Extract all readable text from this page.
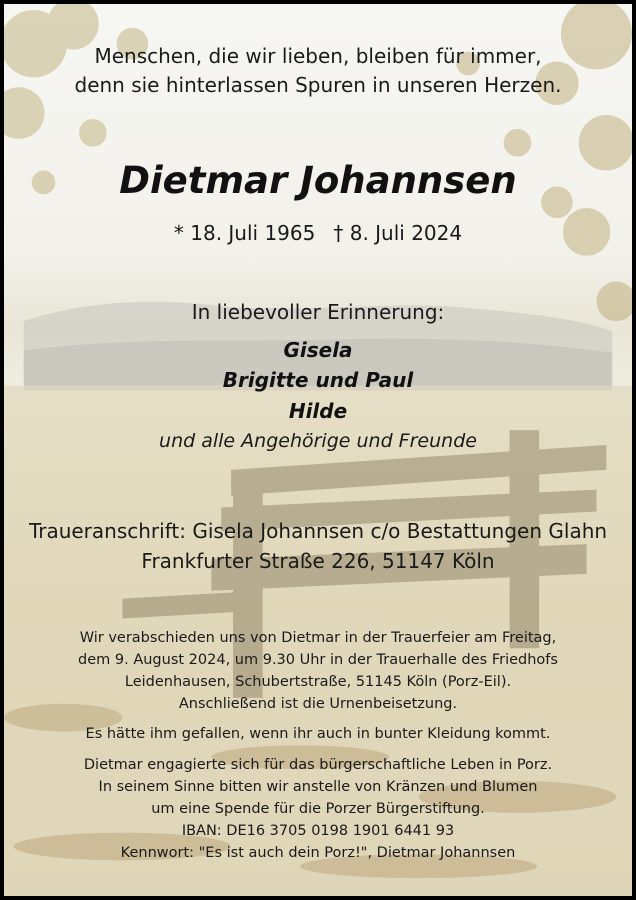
Menschen, die wir lieben, bleiben für immer,
denn sie hinterlassen Spuren in unseren Herzen.
Dietmar Johannsen
* 18. Juli 1965 † 8. Juli 2024
In liebevoller Erinnerung:
Gisela
Brigitte und Paul
Hilde
und alle Angehörige und Freunde
Traueranschrift: Gisela Johannsen c/o Bestattungen Glahn
Frankfurter Straße 226, 51147 Köln
Wir verabschieden uns von Dietmar in der Trauerfeier am Freitag,
dem 9. August 2024, um 9.30 Uhr in der Trauerhalle des Friedhofs
Leidenhausen, Schubertstraße, 51145 Köln (Porz-Eil).
Anschließend ist die Urnenbeisetzung.
Es hätte ihm gefallen, wenn ihr auch in bunter Kleidung kommt.
Dietmar engagierte sich für das bürgerschaftliche Leben in Porz.
In seinem Sinne bitten wir anstelle von Kränzen und Blumen
um eine Spende für die Porzer Bürgerstiftung.
IBAN: DE16 3705 0198 1901 6441 93
Kennwort: "Es ist auch dein Porz!", Dietmar Johannsen
